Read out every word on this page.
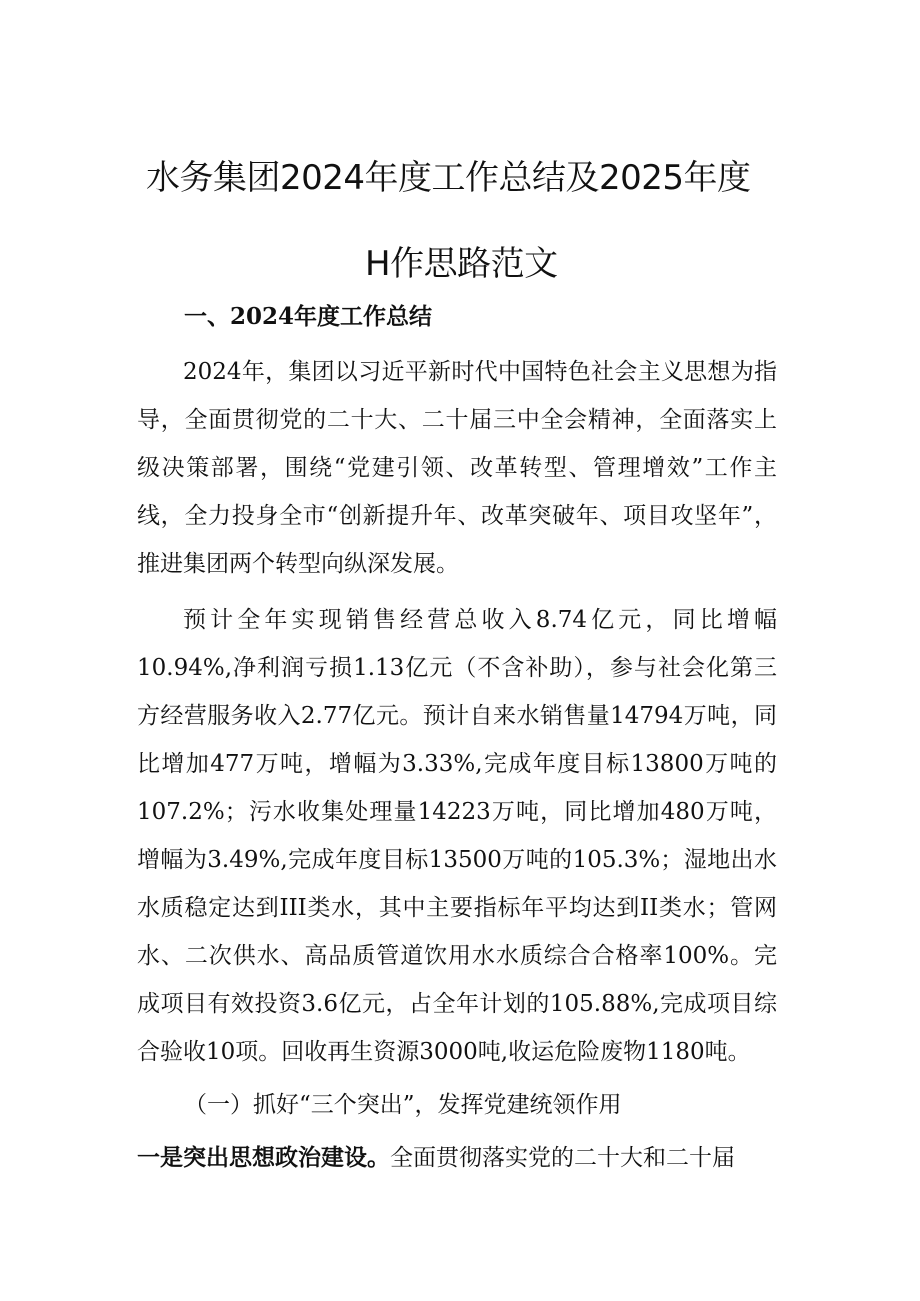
水务集团2024年度工作总结及2025年度
H作思路范文
一、2024年度工作总结
2024年，集团以习近平新时代中国特色社会主义思想为指导，全面贯彻党的二十大、二十届三中全会精神，全面落实上级决策部署，围绕“党建引领、改革转型、管理增效”工作主线，全力投身全市“创新提升年、改革突破年、项目攻坚年”，推进集团两个转型向纵深发展。
预计全年实现销售经营总收入8.74亿元，同比增幅10.94%,净利润亏损1.13亿元（不含补助），参与社会化第三方经营服务收入2.77亿元。预计自来水销售量14794万吨，同比增加477万吨，增幅为3.33%,完成年度目标13800万吨的107.2%；污水收集处理量14223万吨，同比增加480万吨，增幅为3.49%,完成年度目标13500万吨的105.3%；湿地出水水质稳定达到III类水，其中主要指标年平均达到II类水；管网水、二次供水、高品质管道饮用水水质综合合格率100%。完成项目有效投资3.6亿元，占全年计划的105.88%,完成项目综合验收10项。回收再生资源3000吨,收运危险废物1180吨。
（一）抓好“三个突出”，发挥党建统领作用
一是突出思想政治建设。全面贯彻落实党的二十大和二十届
